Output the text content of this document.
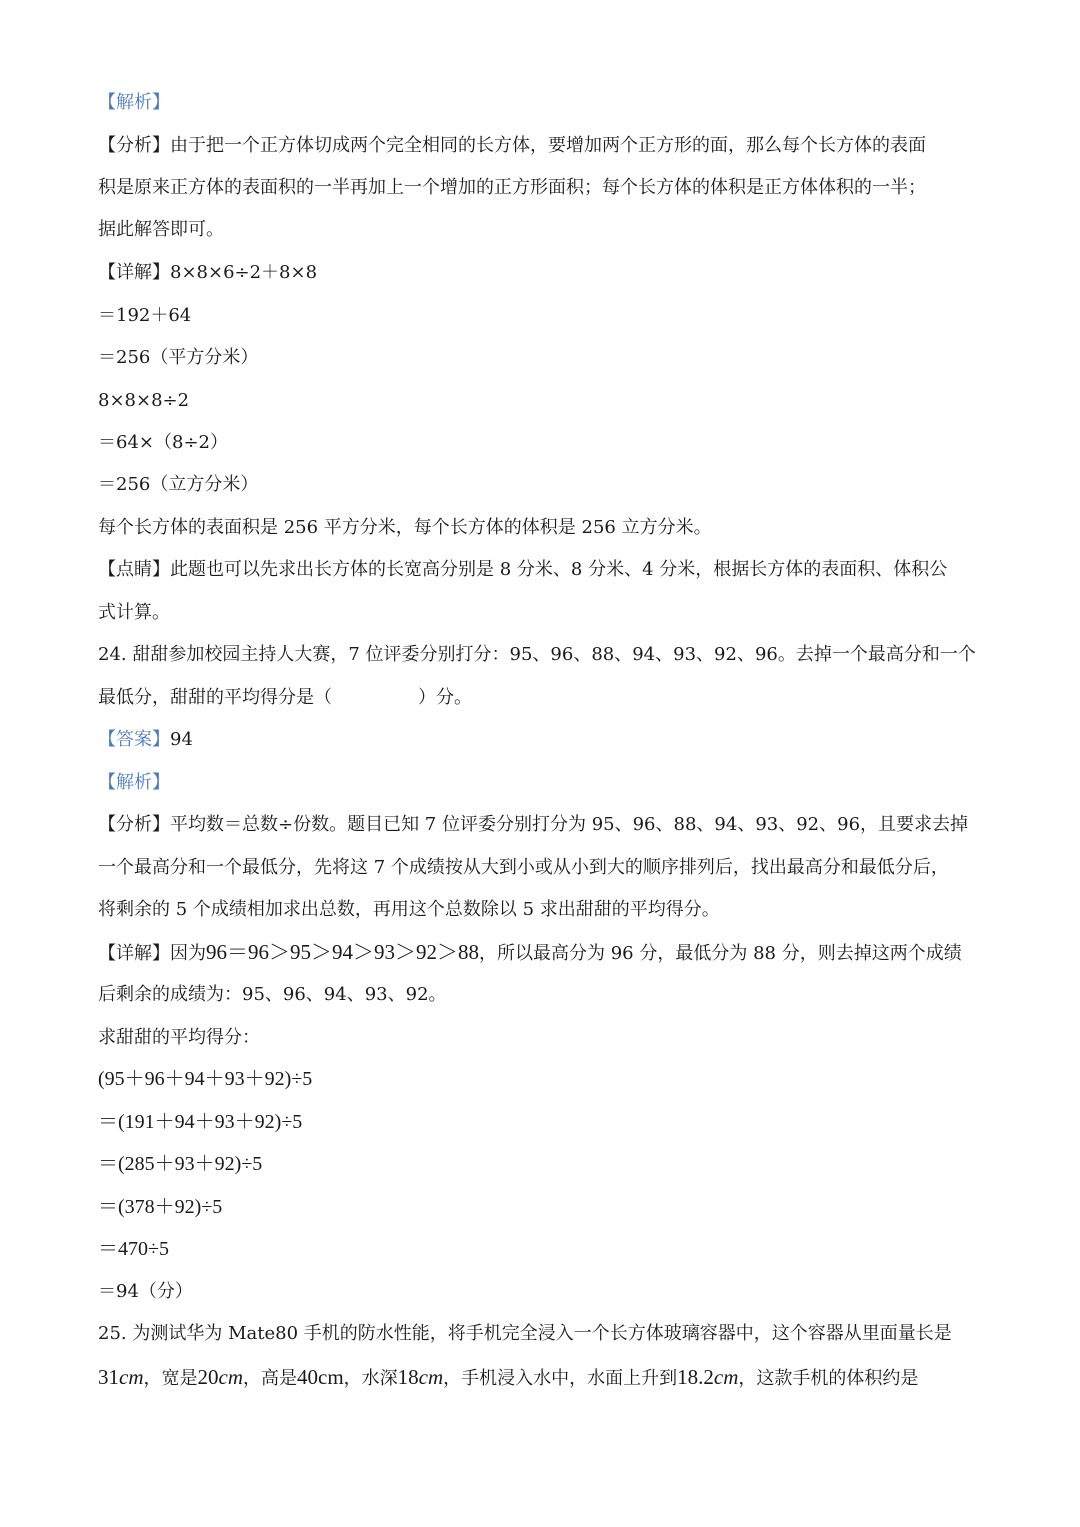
【解析】
【分析】由于把一个正方体切成两个完全相同的长方体，要增加两个正方形的面，那么每个长方体的表面
积是原来正方体的表面积的一半再加上一个增加的正方形面积；每个长方体的体积是正方体体积的一半；
据此解答即可。
【详解】8×8×6÷2＋8×8
＝192＋64
＝256（平方分米）
8×8×8÷2
＝64×（8÷2）
＝256（立方分米）
每个长方体的表面积是 256 平方分米，每个长方体的体积是 256 立方分米。
【点睛】此题也可以先求出长方体的长宽高分别是 8 分米、8 分米、4 分米，根据长方体的表面积、体积公
式计算。
24. 甜甜参加校园主持人大赛，7 位评委分别打分：95、96、88、94、93、92、96。去掉一个最高分和一个
最低分，甜甜的平均得分是（	）分。
【答案】94
【解析】
【分析】平均数＝总数÷份数。题目已知 7 位评委分别打分为 95、96、88、94、93、92、96，且要求去掉
一个最高分和一个最低分，先将这 7 个成绩按从大到小或从小到大的顺序排列后，找出最高分和最低分后，
将剩余的 5 个成绩相加求出总数，再用这个总数除以 5 求出甜甜的平均得分。
【详解】因为96＝96＞95＞94＞93＞92＞88，所以最高分为 96 分，最低分为 88 分，则去掉这两个成绩
后剩余的成绩为：95、96、94、93、92。
求甜甜的平均得分：
(95＋96＋94＋93＋92)÷5
＝(191＋94＋93＋92)÷5
＝(285＋93＋92)÷5
＝(378＋92)÷5
＝470÷5
＝94（分）
25. 为测试华为 Mate80 手机的防水性能，将手机完全浸入一个长方体玻璃容器中，这个容器从里面量长是
31cm，宽是20cm，高是40cm，水深18cm，手机浸入水中，水面上升到18.2cm，这款手机的体积约是
